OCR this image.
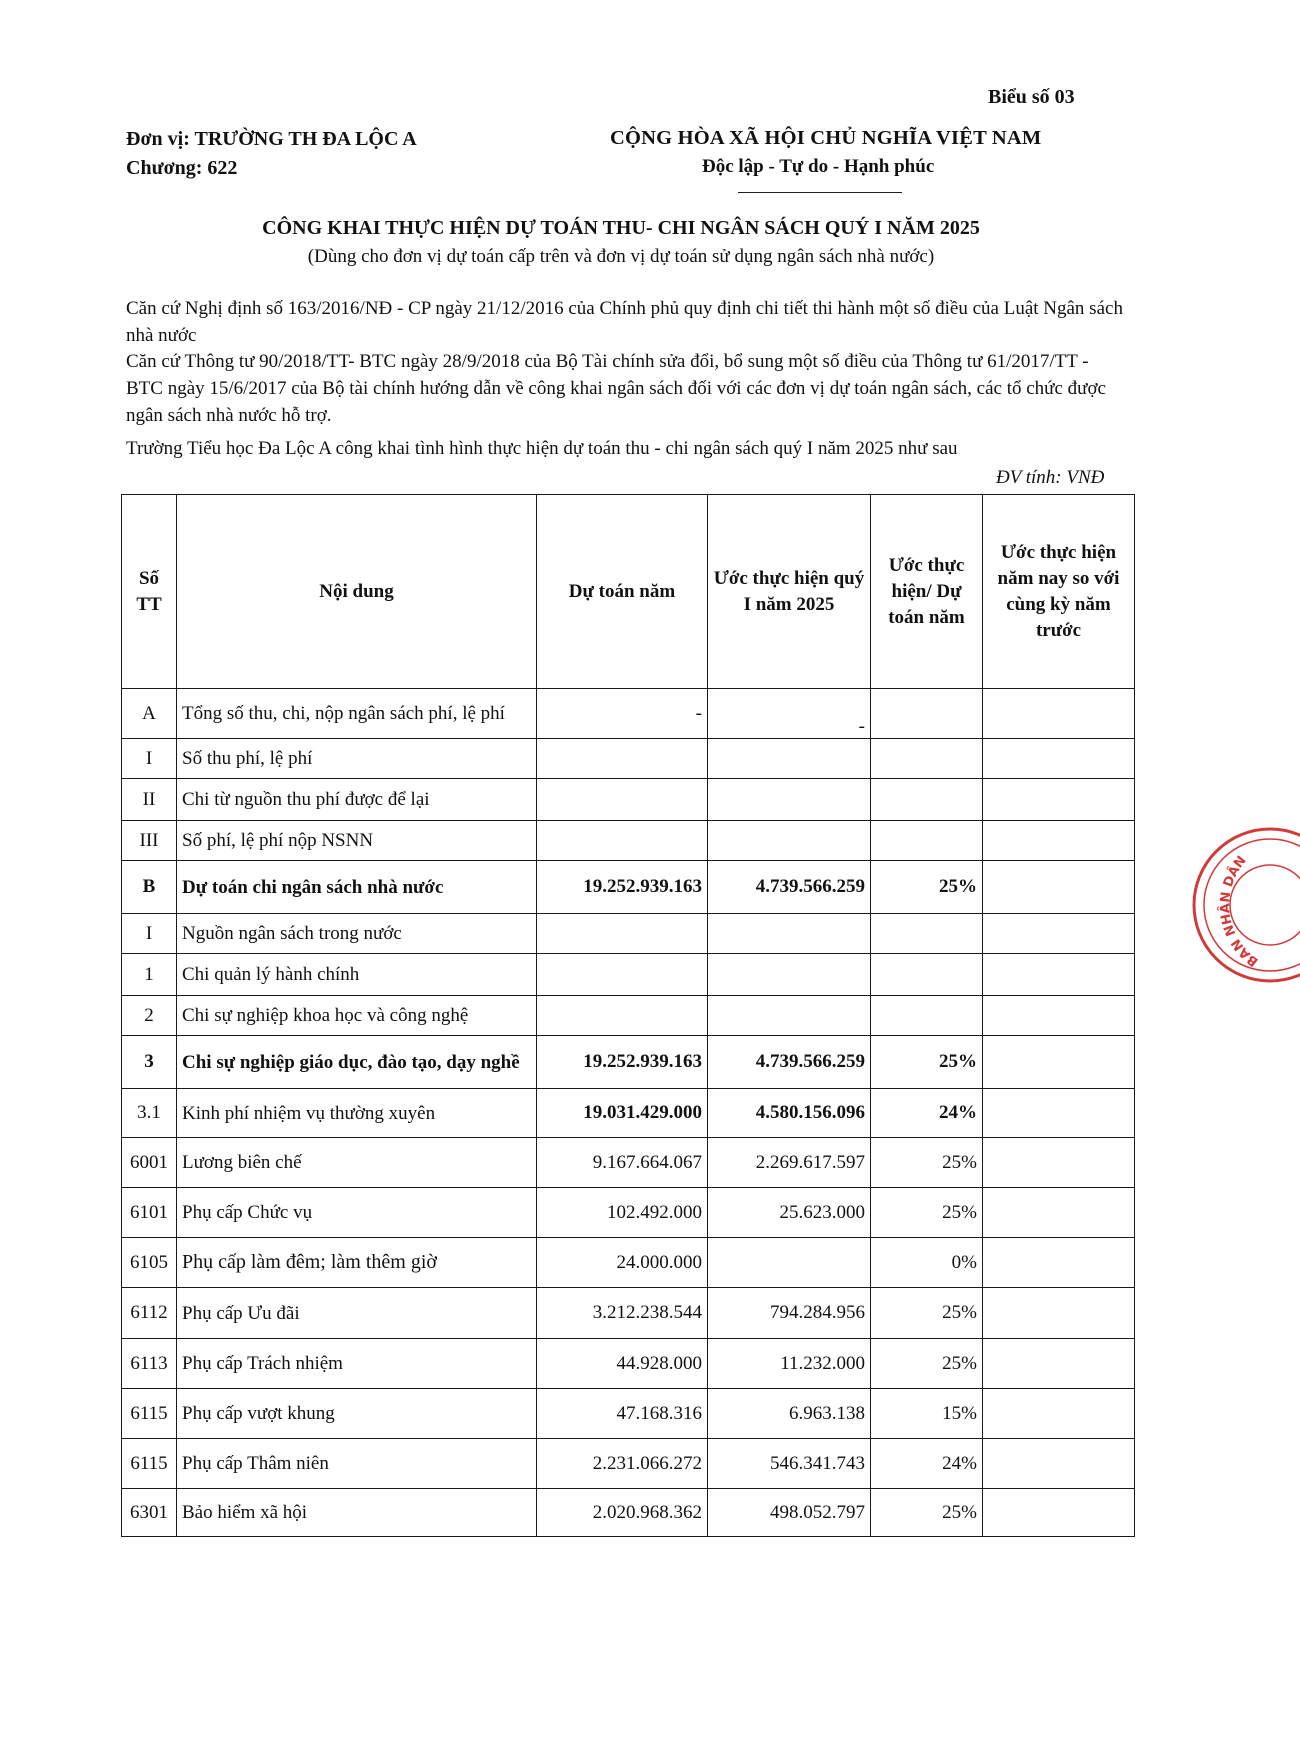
Biểu số 03
Đơn vị: TRƯỜNG TH ĐA LỘC A
Chương: 622
CỘNG HÒA XÃ HỘI CHỦ NGHĨA VIỆT NAM
Độc lập - Tự do - Hạnh phúc
CÔNG KHAI THỰC HIỆN DỰ TOÁN THU- CHI NGÂN SÁCH QUÝ I NĂM 2025
(Dùng cho đơn vị dự toán cấp trên và đơn vị dự toán sử dụng ngân sách nhà nước)
Căn cứ Nghị định số 163/2016/NĐ - CP ngày 21/12/2016 của Chính phủ quy định chi tiết thi hành một số điều của Luật Ngân sách nhà nước
Căn cứ Thông tư 90/2018/TT- BTC ngày 28/9/2018 của Bộ Tài chính sửa đổi, bổ sung một số điều của Thông tư 61/2017/TT - BTC ngày 15/6/2017 của Bộ tài chính hướng dẫn về công khai ngân sách đối với các đơn vị dự toán ngân sách, các tổ chức được ngân sách nhà nước hỗ trợ.
Trường Tiểu học Đa Lộc A công khai tình hình thực hiện dự toán thu - chi ngân sách quý I năm 2025 như sau
ĐV tính: VNĐ
Số TT	Nội dung	Dự toán năm	Ước thực hiện quý I năm 2025	Ước thực hiện/ Dự toán năm	Ước thực hiện năm nay so với cùng kỳ năm trước
A	Tổng số thu, chi, nộp ngân sách phí, lệ phí	-	-		
I	Số thu phí, lệ phí				
II	Chi từ nguồn thu phí được để lại				
III	Số phí, lệ phí nộp NSNN				
B	Dự toán chi ngân sách nhà nước	19.252.939.163	4.739.566.259	25%	
I	Nguồn ngân sách trong nước				
1	Chi quản lý hành chính				
2	Chi sự nghiệp khoa học và công nghệ				
3	Chi sự nghiệp giáo dục, đào tạo, dạy nghề	19.252.939.163	4.739.566.259	25%	
3.1	Kinh phí nhiệm vụ thường xuyên	19.031.429.000	4.580.156.096	24%	
6001	Lương biên chế	9.167.664.067	2.269.617.597	25%	
6101	Phụ cấp Chức vụ	102.492.000	25.623.000	25%	
6105	Phụ cấp làm đêm; làm thêm giờ	24.000.000		0%	
6112	Phụ cấp Ưu đãi	3.212.238.544	794.284.956	25%	
6113	Phụ cấp Trách nhiệm	44.928.000	11.232.000	25%	
6115	Phụ cấp vượt khung	47.168.316	6.963.138	15%	
6115	Phụ cấp Thâm niên	2.231.066.272	546.341.743	24%	
6301	Bảo hiểm xã hội	2.020.968.362	498.052.797	25%	
BAN NHÂN DÂN
